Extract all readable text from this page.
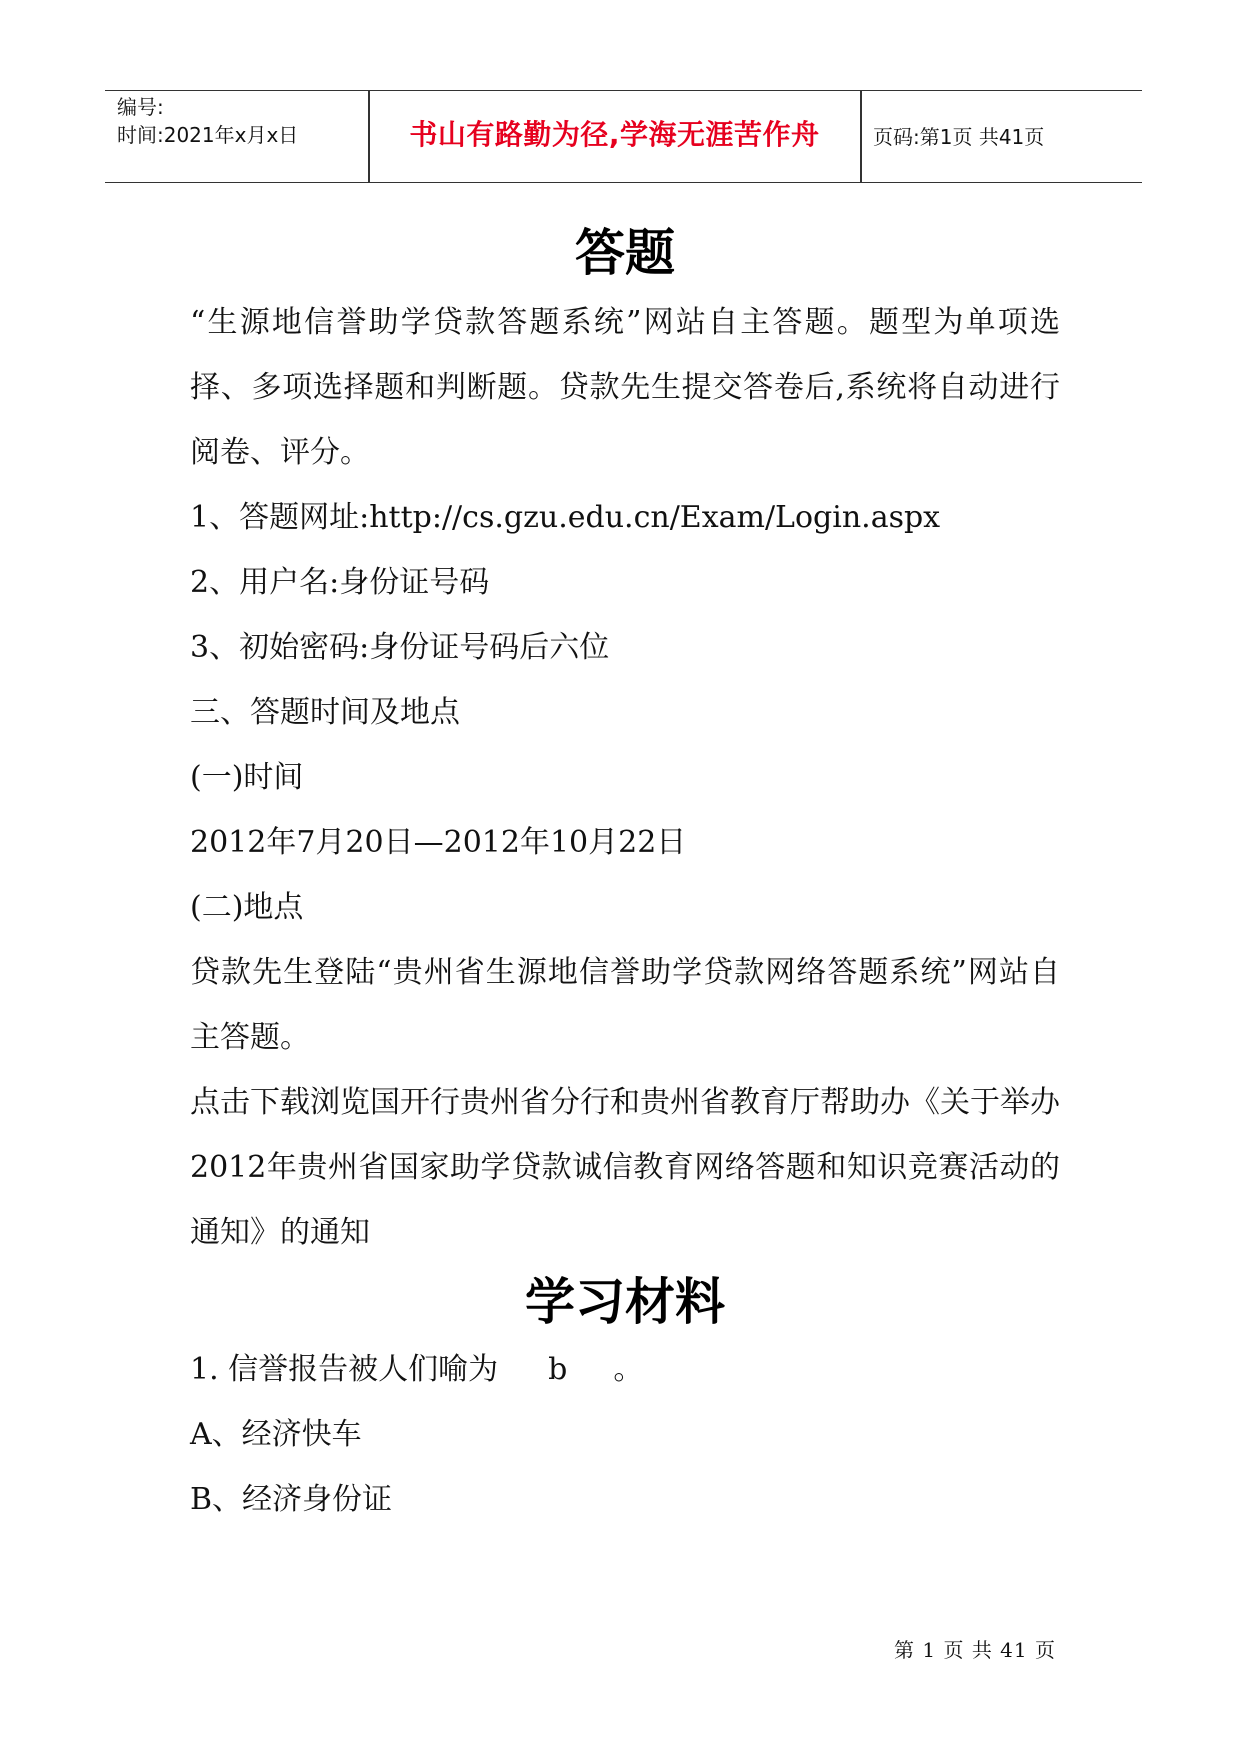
编号:
时间:2021年x月x日	书山有路勤为径,学海无涯苦作舟	页码:第1页 共41页
答题

“生源地信誉助学贷款答题系统”网站自主答题。题型为单项选择、多项选择题和判断题。贷款先生提交答卷后,系统将自动进行阅卷、评分。

1、答题网址:http://cs.gzu.edu.cn/Exam/Login.aspx

2、用户名:身份证号码

3、初始密码:身份证号码后六位

三、答题时间及地点

(一)时间

2012年7月20日—2012年10月22日

(二)地点

贷款先生登陆“贵州省生源地信誉助学贷款网络答题系统”网站自主答题。

点击下载浏览国开行贵州省分行和贵州省教育厅帮助办《关于举办2012年贵州省国家助学贷款诚信教育网络答题和知识竞赛活动的通知》的通知

学习材料

1. 信誉报告被人们喻为 b 。

A、经济快车

B、经济身份证

第 1 页 共 41 页
